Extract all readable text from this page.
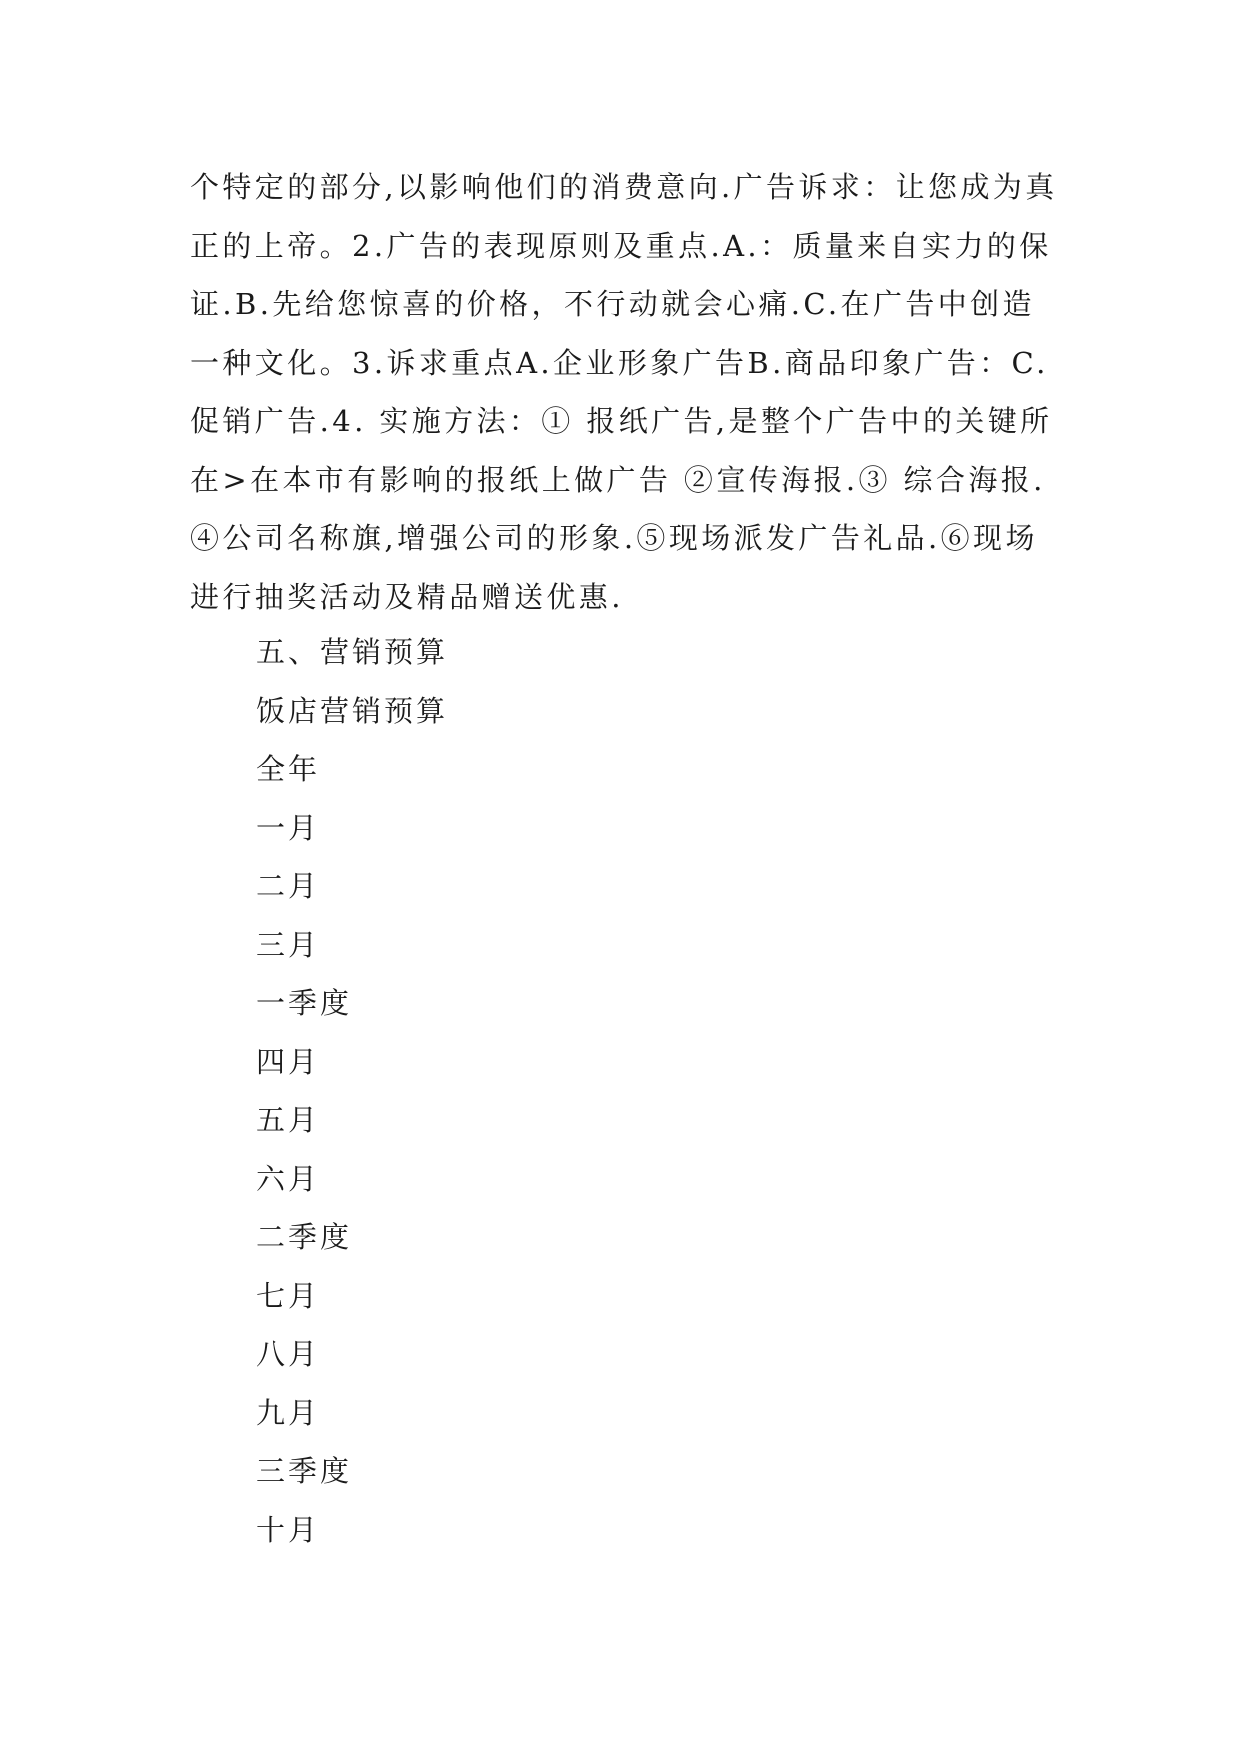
个特定的部分,以影响他们的消费意向.广告诉求：让您成为真正的上帝。2.广告的表现原则及重点.A.：质量来自实力的保证.B.先给您惊喜的价格，不行动就会心痛.C.在广告中创造一种文化。3.诉求重点A.企业形象广告B.商品印象广告：C. 促销广告.4. 实施方法：① 报纸广告,是整个广告中的关键所在>在本市有影响的报纸上做广告 ②宣传海报.③ 综合海报.④公司名称旗,增强公司的形象.⑤现场派发广告礼品.⑥现场进行抽奖活动及精品赠送优惠.

五、营销预算
饭店营销预算
全年
一月
二月
三月
一季度
四月
五月
六月
二季度
七月
八月
九月
三季度
十月
